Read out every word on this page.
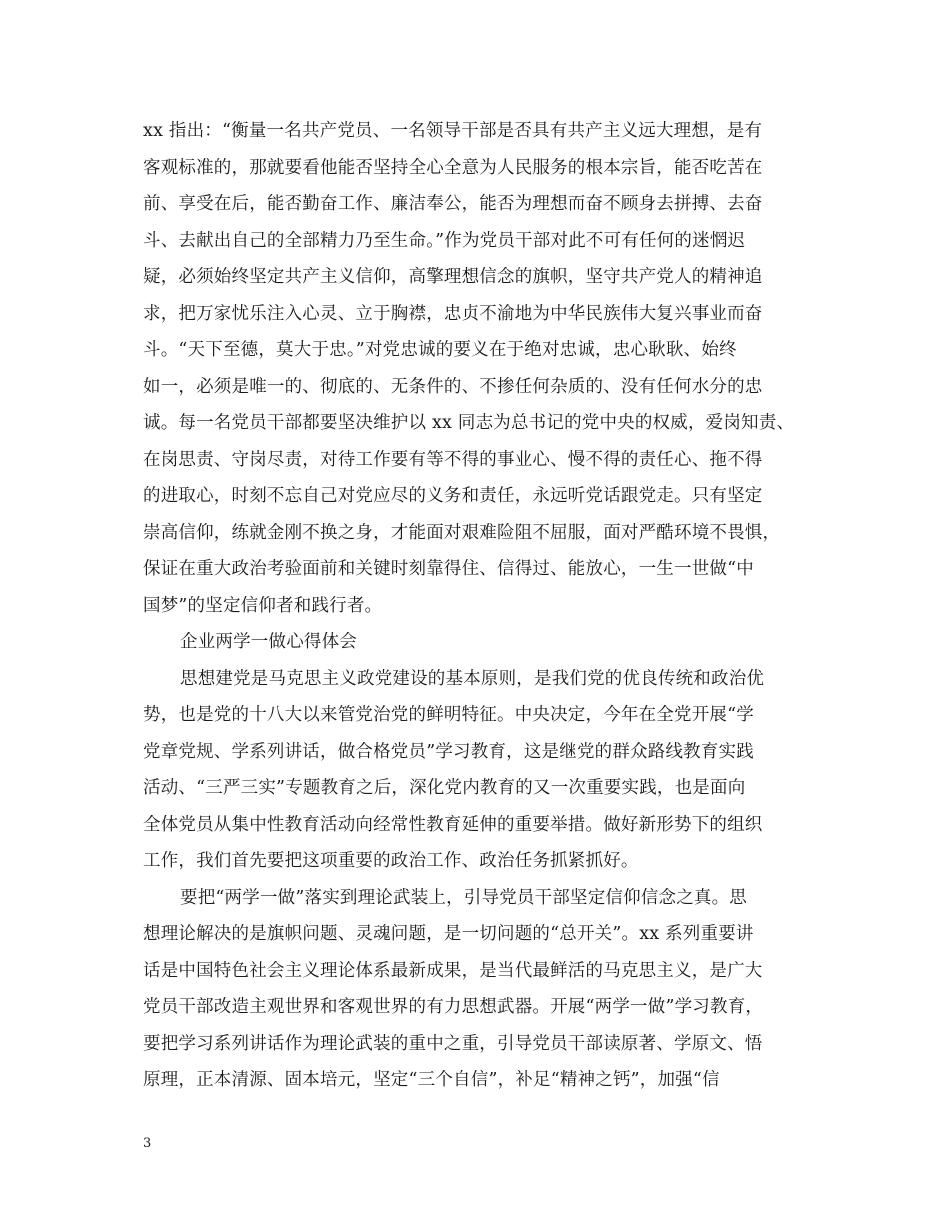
xx 指出：“衡量一名共产党员、一名领导干部是否具有共产主义远大理想，是有
客观标准的，那就要看他能否坚持全心全意为人民服务的根本宗旨，能否吃苦在
前、享受在后，能否勤奋工作、廉洁奉公，能否为理想而奋不顾身去拼搏、去奋
斗、去献出自己的全部精力乃至生命。”作为党员干部对此不可有任何的迷惘迟
疑，必须始终坚定共产主义信仰，高擎理想信念的旗帜，坚守共产党人的精神追
求，把万家忧乐注入心灵、立于胸襟，忠贞不渝地为中华民族伟大复兴事业而奋
斗。“天下至德，莫大于忠。”对党忠诚的要义在于绝对忠诚，忠心耿耿、始终
如一，必须是唯一的、彻底的、无条件的、不掺任何杂质的、没有任何水分的忠
诚。每一名党员干部都要坚决维护以 xx 同志为总书记的党中央的权威，爱岗知责、
在岗思责、守岗尽责，对待工作要有等不得的事业心、慢不得的责任心、拖不得
的进取心，时刻不忘自己对党应尽的义务和责任，永远听党话跟党走。只有坚定
崇高信仰，练就金刚不换之身，才能面对艰难险阻不屈服，面对严酷环境不畏惧，
保证在重大政治考验面前和关键时刻靠得住、信得过、能放心，一生一世做“中
国梦”的坚定信仰者和践行者。
企业两学一做心得体会
思想建党是马克思主义政党建设的基本原则，是我们党的优良传统和政治优
势，也是党的十八大以来管党治党的鲜明特征。中央决定，今年在全党开展“学
党章党规、学系列讲话，做合格党员”学习教育，这是继党的群众路线教育实践
活动、“三严三实”专题教育之后，深化党内教育的又一次重要实践，也是面向
全体党员从集中性教育活动向经常性教育延伸的重要举措。做好新形势下的组织
工作，我们首先要把这项重要的政治工作、政治任务抓紧抓好。
要把“两学一做”落实到理论武装上，引导党员干部坚定信仰信念之真。思
想理论解决的是旗帜问题、灵魂问题，是一切问题的“总开关”。xx 系列重要讲
话是中国特色社会主义理论体系最新成果，是当代最鲜活的马克思主义，是广大
党员干部改造主观世界和客观世界的有力思想武器。开展“两学一做”学习教育，
要把学习系列讲话作为理论武装的重中之重，引导党员干部读原著、学原文、悟
原理，正本清源、固本培元，坚定“三个自信”，补足“精神之钙”，加强“信
3
